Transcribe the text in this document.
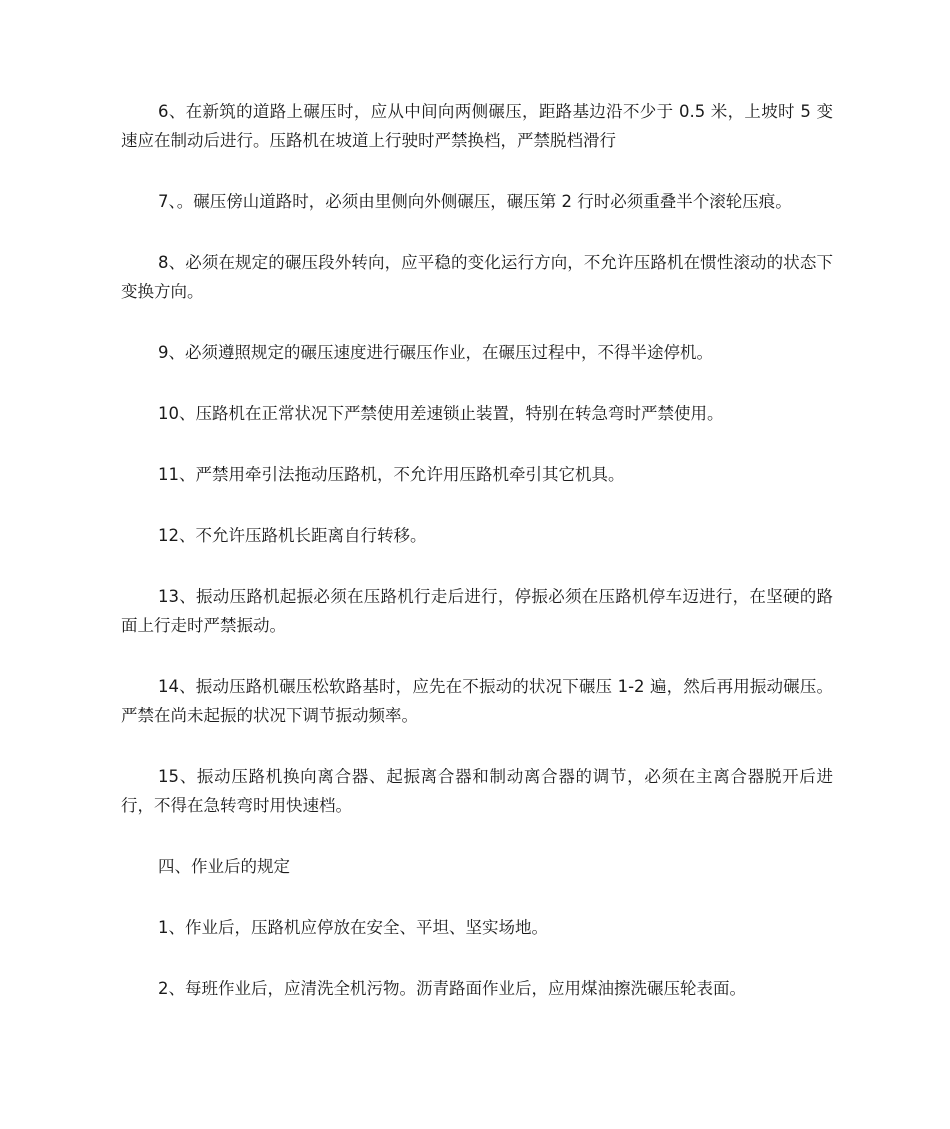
6、在新筑的道路上碾压时，应从中间向两侧碾压，距路基边沿不少于 0.5 米，上坡时 5 变速应在制动后进行。压路机在坡道上行驶时严禁换档，严禁脱档滑行

7、。碾压傍山道路时，必须由里侧向外侧碾压，碾压第 2 行时必须重叠半个滚轮压痕。

8、必须在规定的碾压段外转向，应平稳的变化运行方向，不允许压路机在惯性滚动的状态下变换方向。

9、必须遵照规定的碾压速度进行碾压作业，在碾压过程中，不得半途停机。

10、压路机在正常状况下严禁使用差速锁止装置，特别在转急弯时严禁使用。

11、严禁用牵引法拖动压路机，不允许用压路机牵引其它机具。

12、不允许压路机长距离自行转移。

13、振动压路机起振必须在压路机行走后进行，停振必须在压路机停车迈进行，在坚硬的路面上行走时严禁振动。

14、振动压路机碾压松软路基时，应先在不振动的状况下碾压 1-2 遍，然后再用振动碾压。严禁在尚未起振的状况下调节振动频率。

15、振动压路机换向离合器、起振离合器和制动离合器的调节，必须在主离合器脱开后进行，不得在急转弯时用快速档。

四、作业后的规定

1、作业后，压路机应停放在安全、平坦、坚实场地。

2、每班作业后，应清洗全机污物。沥青路面作业后，应用煤油擦洗碾压轮表面。
